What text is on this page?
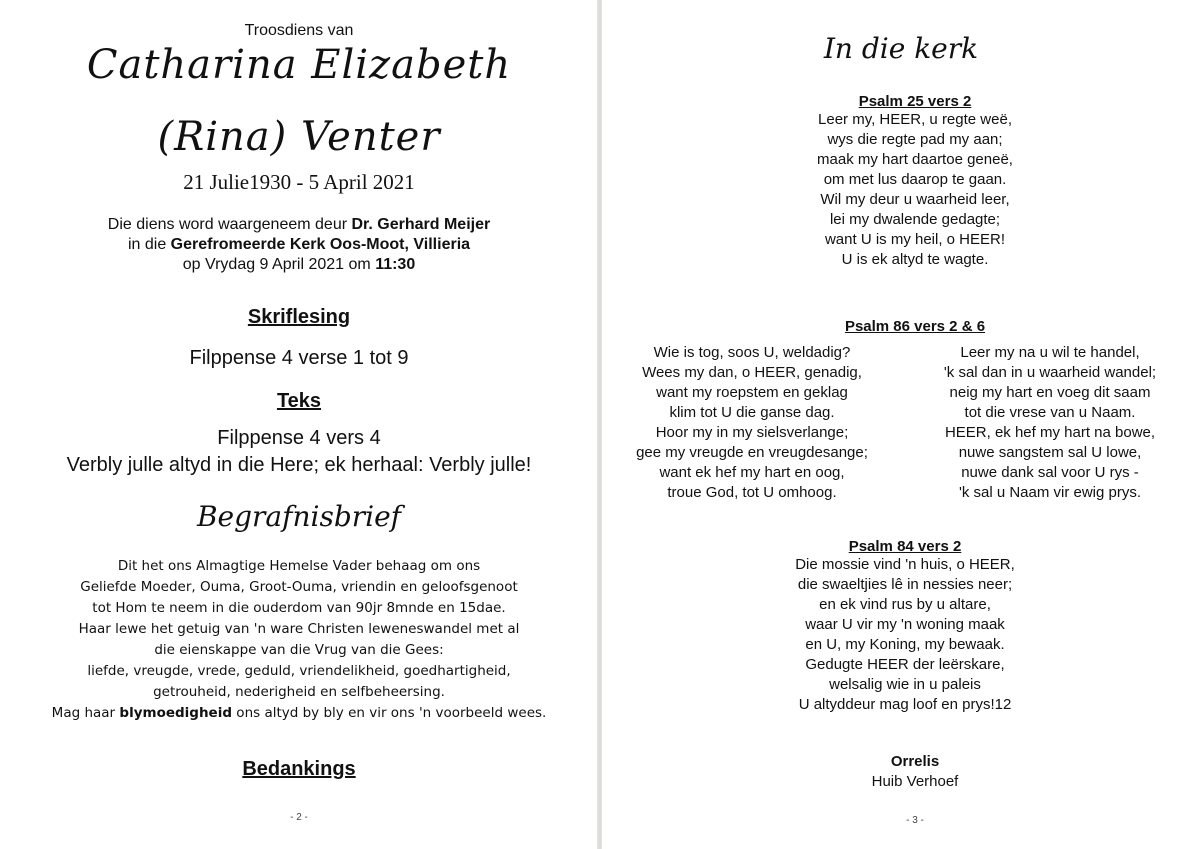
Troosdiens van
Catharina Elizabeth
(Rina) Venter
21 Julie1930 - 5 April 2021
Die diens word waargeneem deur Dr. Gerhard Meijer
in die Gerefromeerde Kerk Oos-Moot, Villieria
op Vrydag 9 April 2021 om 11:30
Skriflesing
Filppense 4 verse 1 tot 9
Teks
Filppense 4 vers 4
Verbly julle altyd in die Here; ek herhaal: Verbly julle!
Begrafnisbrief
Dit het ons Almagtige Hemelse Vader behaag om ons
Geliefde Moeder, Ouma, Groot-Ouma, vriendin en geloofsgenoot
tot Hom te neem in die ouderdom van 90jr 8mnde en 15dae.
Haar lewe het getuig van 'n ware Christen leweneswandel met al
die eienskappe van die Vrug van die Gees:
liefde, vreugde, vrede, geduld, vriendelikheid, goedhartigheid,
getrouheid, nederigheid en selfbeheersing.
Mag haar blymoedigheid ons altyd by bly en vir ons 'n voorbeeld wees.
Bedankings
- 2 -
In die kerk
Psalm 25 vers 2
Leer my, HEER, u regte weë,
wys die regte pad my aan;
maak my hart daartoe geneë,
om met lus daarop te gaan.
Wil my deur u waarheid leer,
lei my dwalende gedagte;
want U is my heil, o HEER!
U is ek altyd te wagte.
Psalm 86 vers 2 & 6
Wie is tog, soos U, weldadig?
Wees my dan, o HEER, genadig,
want my roepstem en geklag
klim tot U die ganse dag.
Hoor my in my sielsverlange;
gee my vreugde en vreugdesange;
want ek hef my hart en oog,
troue God, tot U omhoog.
Leer my na u wil te handel,
'k sal dan in u waarheid wandel;
neig my hart en voeg dit saam
tot die vrese van u Naam.
HEER, ek hef my hart na bowe,
nuwe sangstem sal U lowe,
nuwe dank sal voor U rys -
'k sal u Naam vir ewig prys.
Psalm 84 vers 2
Die mossie vind 'n huis, o HEER,
die swaeltjies lê in nessies neer;
en ek vind rus by u altare,
waar U vir my 'n woning maak
en U, my Koning, my bewaak.
Gedugte HEER der leërskare,
welsalig wie in u paleis
U altyddeur mag loof en prys!12
Orrelis
Huib Verhoef
- 3 -
